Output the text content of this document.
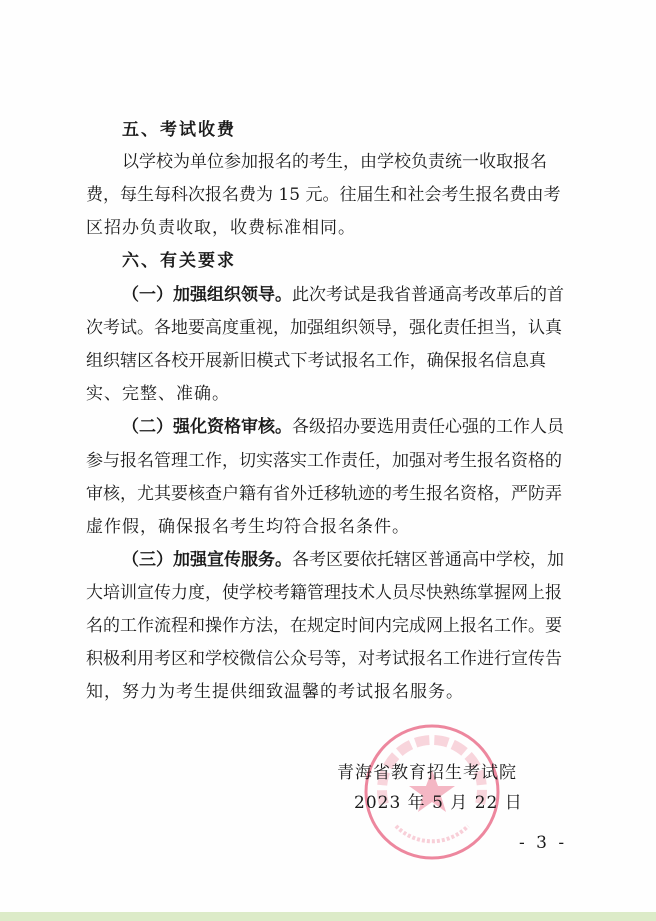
五、考试收费
以学校为单位参加报名的考生，由学校负责统一收取报名
费，每生每科次报名费为 15 元。往届生和社会考生报名费由考
区招办负责收取，收费标准相同。
六、有关要求
（一）加强组织领导。此次考试是我省普通高考改革后的首
次考试。各地要高度重视，加强组织领导，强化责任担当，认真
组织辖区各校开展新旧模式下考试报名工作，确保报名信息真
实、完整、准确。
（二）强化资格审核。各级招办要选用责任心强的工作人员
参与报名管理工作，切实落实工作责任，加强对考生报名资格的
审核，尤其要核查户籍有省外迁移轨迹的考生报名资格，严防弄
虚作假，确保报名考生均符合报名条件。
（三）加强宣传服务。各考区要依托辖区普通高中学校，加
大培训宣传力度，使学校考籍管理技术人员尽快熟练掌握网上报
名的工作流程和操作方法，在规定时间内完成网上报名工作。要
积极利用考区和学校微信公众号等，对考试报名工作进行宣传告
知，努力为考生提供细致温馨的考试报名服务。
青海省教育招生考试院
2023 年 5 月 22 日
- 3 -
